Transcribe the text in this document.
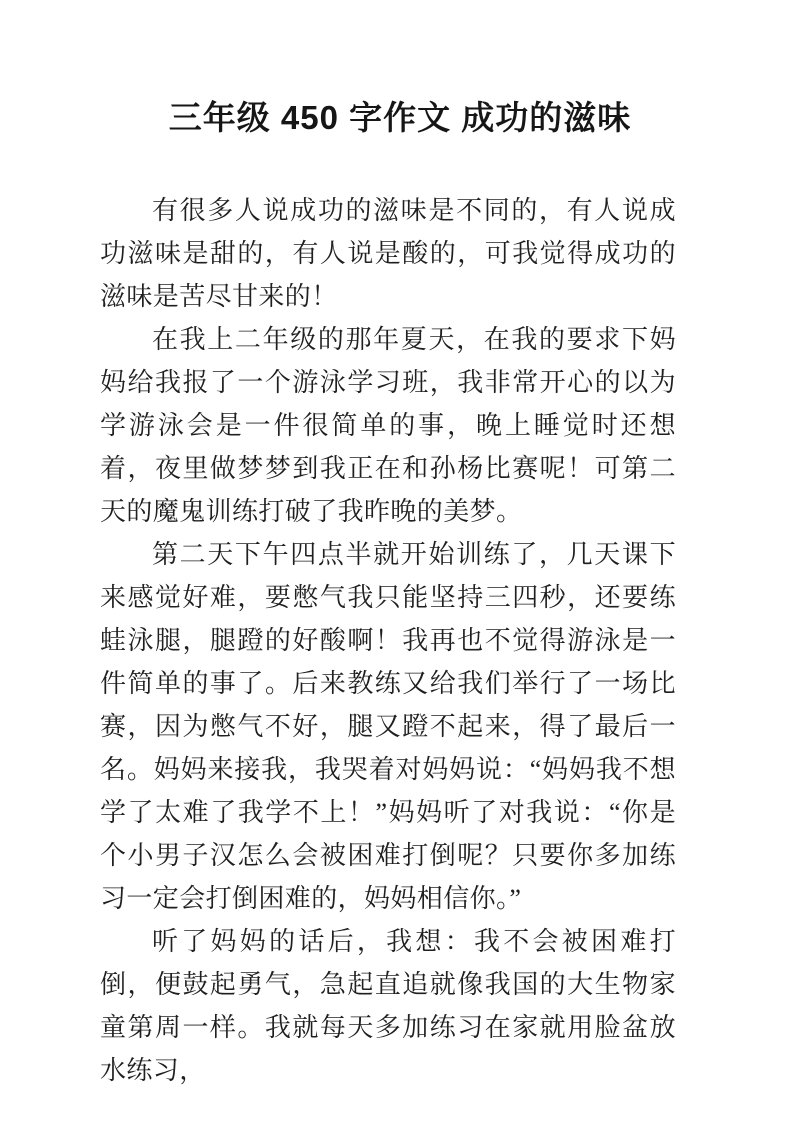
三年级 450 字作文 成功的滋味

有很多人说成功的滋味是不同的，有人说成功滋味是甜的，有人说是酸的，可我觉得成功的滋味是苦尽甘来的！

在我上二年级的那年夏天，在我的要求下妈妈给我报了一个游泳学习班，我非常开心的以为学游泳会是一件很简单的事，晚上睡觉时还想着，夜里做梦梦到我正在和孙杨比赛呢！可第二天的魔鬼训练打破了我昨晚的美梦。

第二天下午四点半就开始训练了，几天课下来感觉好难，要憋气我只能坚持三四秒，还要练蛙泳腿，腿蹬的好酸啊！我再也不觉得游泳是一件简单的事了。后来教练又给我们举行了一场比赛，因为憋气不好，腿又蹬不起来，得了最后一名。妈妈来接我，我哭着对妈妈说：“妈妈我不想学了太难了我学不上！”妈妈听了对我说：“你是个小男子汉怎么会被困难打倒呢？只要你多加练习一定会打倒困难的，妈妈相信你。”

听了妈妈的话后，我想：我不会被困难打倒，便鼓起勇气，急起直追就像我国的大生物家童第周一样。我就每天多加练习在家就用脸盆放水练习，
